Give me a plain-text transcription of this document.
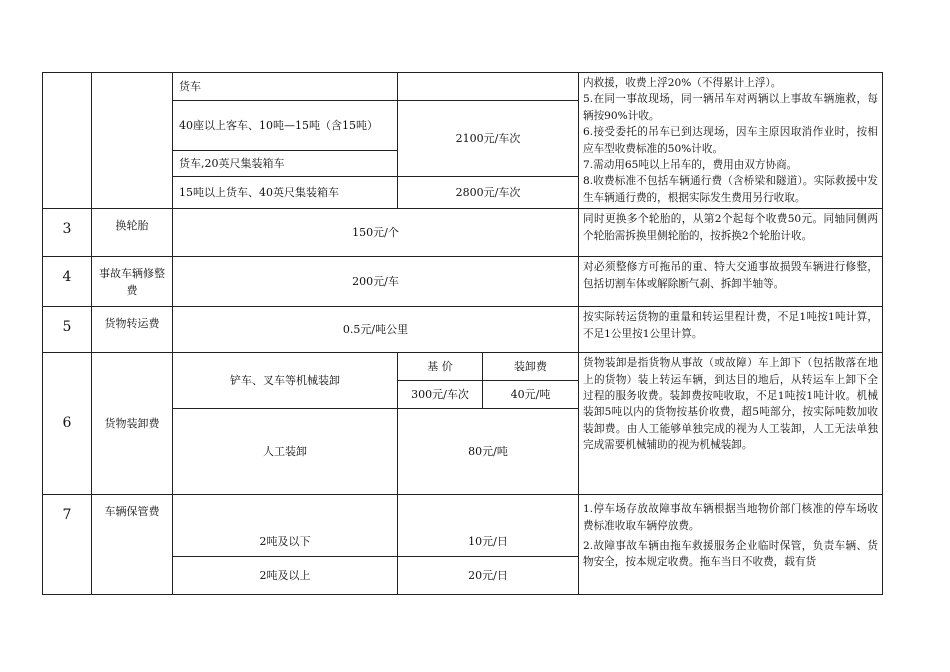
		货车			内救援，收费上浮20%（不得累计上浮）。

5.在同一事故现场，同一辆吊车对两辆以上事故车辆施救，每辆按90%计收。

6.接受委托的吊车已到达现场，因车主原因取消作业时，按相应车型收费标准的50%计收。

7.需动用65吨以上吊车的，费用由双方协商。

8.收费标准不包括车辆通行费（含桥梁和隧道）。实际救援中发生车辆通行费的，根据实际发生费用另行收取。

		40座以上客车、10吨—15吨（含15吨）	2100元/车次		
		货车,20英尺集装箱车			
		15吨以上货车、40英尺集装箱车	2800元/车次		
3	换轮胎	150元/个			同时更换多个轮胎的，从第2个起每个收费50元。同轴同侧两个轮胎需拆换里侧轮胎的，按拆换2个轮胎计收。
4	事故车辆修整费	200元/车			对必须整修方可拖吊的重、特大交通事故损毁车辆进行修整，包括切割车体或解除断气刹、拆卸半轴等。
5	货物转运费	0.5元/吨公里			按实际转运货物的重量和转运里程计费，不足1吨按1吨计算，不足1公里按1公里计算。
6	货物装卸费	铲车、叉车等机械装卸	基 价	装卸费	货物装卸是指货物从事故（或故障）车上卸下（包括散落在地上的货物）装上转运车辆，到达目的地后，从转运车上卸下全过程的服务收费。装卸费按吨收取，不足1吨按1吨计收。机械装卸5吨以内的货物按基价收费，超5吨部分，按实际吨数加收装卸费。由人工能够单独完成的视为人工装卸，人工无法单独完成需要机械辅助的视为机械装卸。
			300元/车次	40元/吨	
		人工装卸	80元/吨		
7	车辆保管费	2吨及以下	10元/日		1.停车场存放故障事故车辆根据当地物价部门核准的停车场收费标准收取车辆停放费。

2.故障事故车辆由拖车救援服务企业临时保管，负责车辆、货物安全，按本规定收费。拖车当日不收费，载有货

		2吨及以上	20元/日		
